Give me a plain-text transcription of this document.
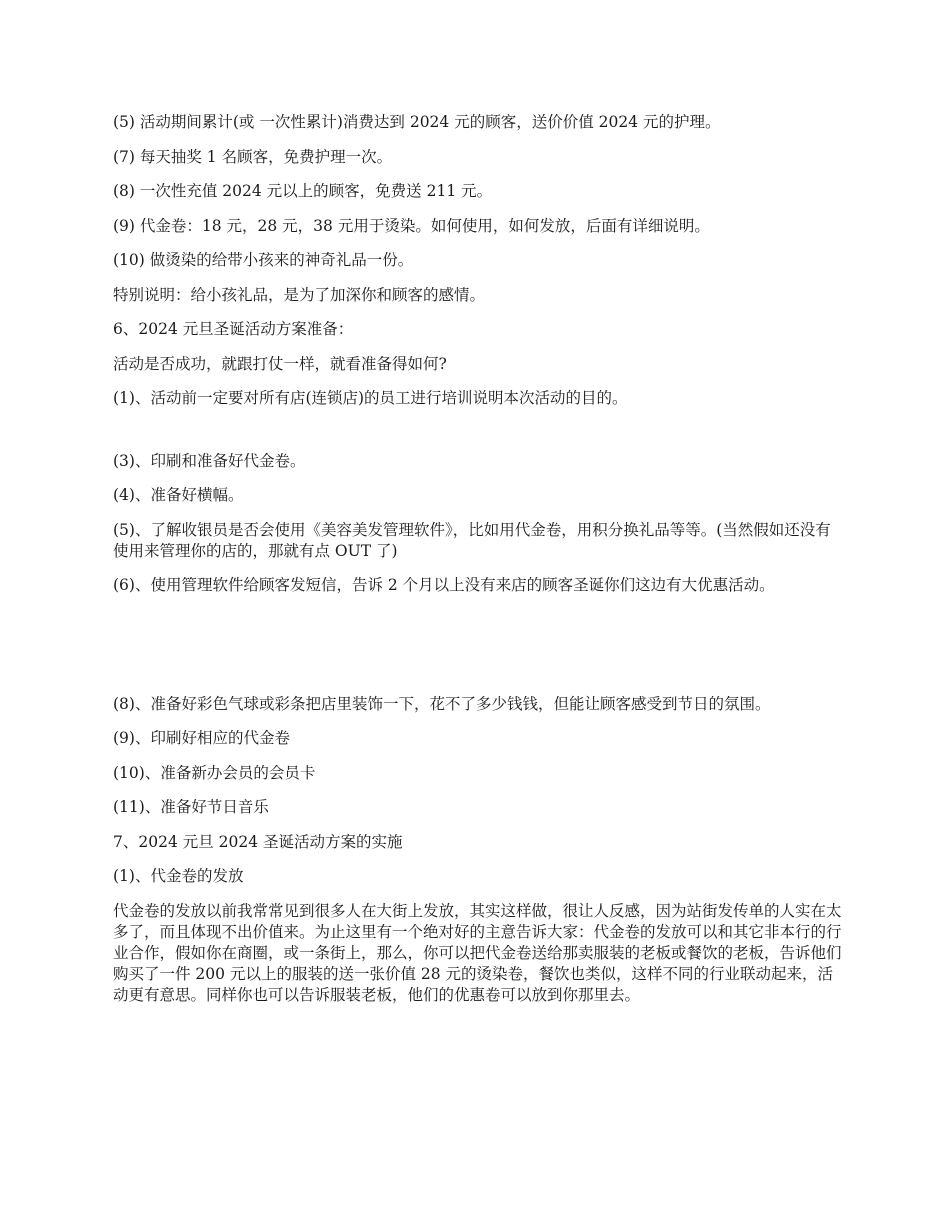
(5) 活动期间累计(或 一次性累计)消费达到 2024 元的顾客，送价价值 2024 元的护理。

(7) 每天抽奖 1 名顾客，免费护理一次。

(8) 一次性充值 2024 元以上的顾客，免费送 211 元。

(9) 代金卷：18 元，28 元，38 元用于烫染。如何使用，如何发放，后面有详细说明。

(10) 做烫染的给带小孩来的神奇礼品一份。

特别说明：给小孩礼品，是为了加深你和顾客的感情。

6、2024 元旦圣诞活动方案准备：

活动是否成功，就跟打仗一样，就看准备得如何?

(1)、活动前一定要对所有店(连锁店)的员工进行培训说明本次活动的目的。

(3)、印刷和准备好代金卷。

(4)、准备好横幅。

(5)、了解收银员是否会使用《美容美发管理软件》，比如用代金卷，用积分换礼品等等。(当然假如还没有使用来管理你的店的，那就有点 OUT 了)

(6)、使用管理软件给顾客发短信，告诉 2 个月以上没有来店的顾客圣诞你们这边有大优惠活动。

(8)、准备好彩色气球或彩条把店里装饰一下，花不了多少钱钱，但能让顾客感受到节日的氛围。

(9)、印刷好相应的代金卷

(10)、准备新办会员的会员卡

(11)、准备好节日音乐

7、2024 元旦 2024 圣诞活动方案的实施

(1)、代金卷的发放

代金卷的发放以前我常常见到很多人在大街上发放，其实这样做，很让人反感，因为站街发传单的人实在太多了，而且体现不出价值来。为止这里有一个绝对好的主意告诉大家：代金卷的发放可以和其它非本行的行业合作，假如你在商圈，或一条街上，那么，你可以把代金卷送给那卖服装的老板或餐饮的老板，告诉他们购买了一件 200 元以上的服装的送一张价值 28 元的烫染卷，餐饮也类似，这样不同的行业联动起来，活动更有意思。同样你也可以告诉服装老板，他们的优惠卷可以放到你那里去。
